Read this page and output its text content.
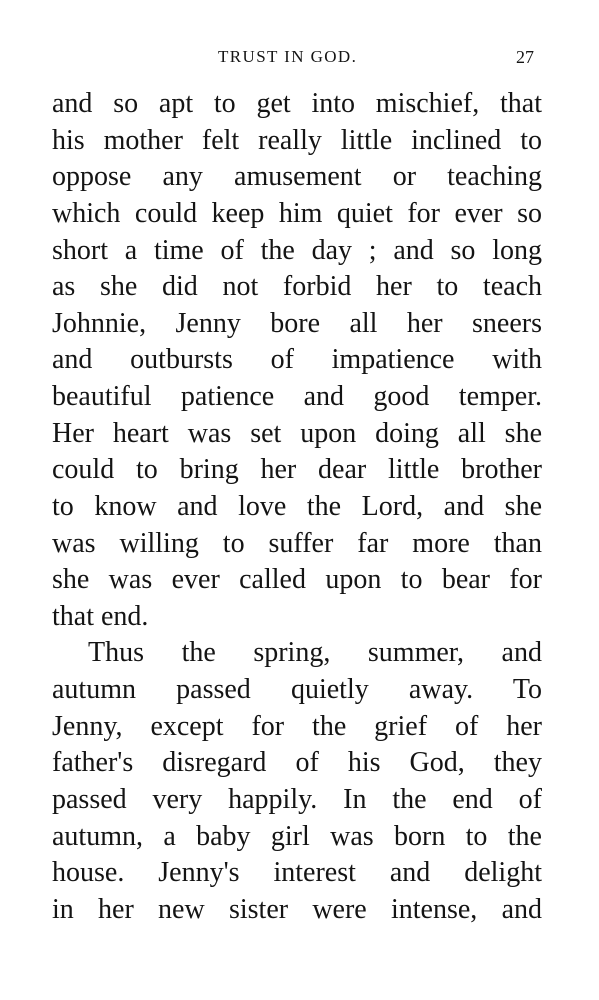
TRUST IN GOD.	27
and so apt to get into mischief, that
his mother felt really little inclined to
oppose any amusement or teaching
which could keep him quiet for ever so
short a time of the day ; and so long
as she did not forbid her to teach
Johnnie, Jenny bore all her sneers
and outbursts of impatience with
beautiful patience and good temper.
Her heart was set upon doing all she
could to bring her dear little brother
to know and love the Lord, and she
was willing to suffer far more than
she was ever called upon to bear for
that end.
Thus the spring, summer, and
autumn passed quietly away. To
Jenny, except for the grief of her
father's disregard of his God, they
passed very happily. In the end of
autumn, a baby girl was born to the
house. Jenny's interest and delight
in her new sister were intense, and
